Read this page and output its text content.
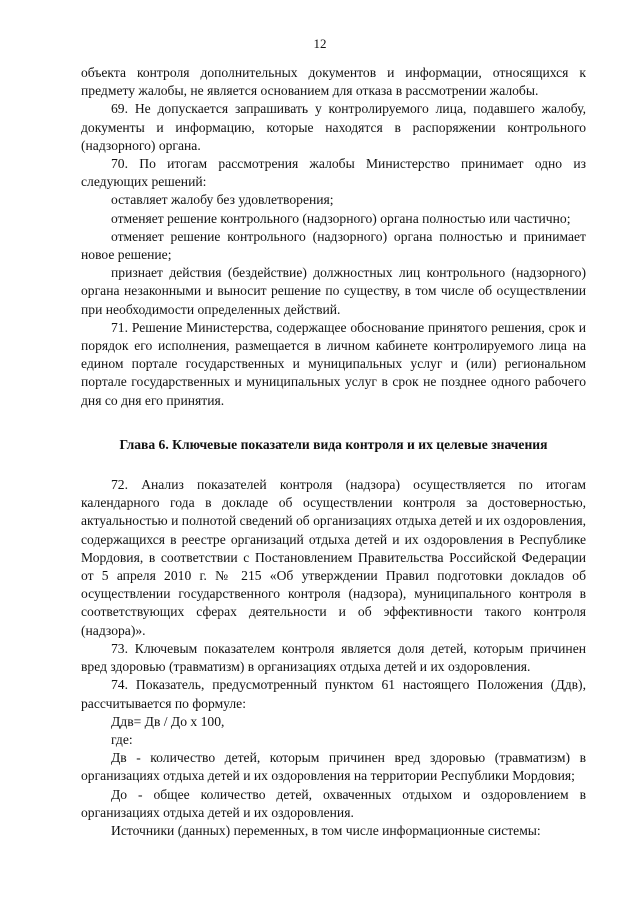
12

объекта контроля дополнительных документов и информации, относящихся к предмету жалобы, не является основанием для отказа в рассмотрении жалобы.

69. Не допускается запрашивать у контролируемого лица, подавшего жалобу, документы и информацию, которые находятся в распоряжении контрольного (надзорного) органа.

70. По итогам рассмотрения жалобы Министерство принимает одно из следующих решений:

оставляет жалобу без удовлетворения;

отменяет решение контрольного (надзорного) органа полностью или частично;

отменяет решение контрольного (надзорного) органа полностью и принимает новое решение;

признает действия (бездействие) должностных лиц контрольного (надзорного) органа незаконными и выносит решение по существу, в том числе об осуществлении при необходимости определенных действий.

71. Решение Министерства, содержащее обоснование принятого решения, срок и порядок его исполнения, размещается в личном кабинете контролируемого лица на едином портале государственных и муниципальных услуг и (или) региональном портале государственных и муниципальных услуг в срок не позднее одного рабочего дня со дня его принятия.

Глава 6. Ключевые показатели вида контроля и их целевые значения

72. Анализ показателей контроля (надзора) осуществляется по итогам календарного года в докладе об осуществлении контроля за достоверностью, актуальностью и полнотой сведений об организациях отдыха детей и их оздоровления, содержащихся в реестре организаций отдыха детей и их оздоровления в Республике Мордовия, в соответствии с Постановлением Правительства Российской Федерации от 5 апреля 2010 г. № 215 «Об утверждении Правил подготовки докладов об осуществлении государственного контроля (надзора), муниципального контроля в соответствующих сферах деятельности и об эффективности такого контроля (надзора)».

73. Ключевым показателем контроля является доля детей, которым причинен вред здоровью (травматизм) в организациях отдыха детей и их оздоровления.

74. Показатель, предусмотренный пунктом 61 настоящего Положения (Ддв), рассчитывается по формуле:

Ддв= Дв / До х 100,

где:

Дв - количество детей, которым причинен вред здоровью (травматизм) в организациях отдыха детей и их оздоровления на территории Республики Мордовия;

До - общее количество детей, охваченных отдыхом и оздоровлением в организациях отдыха детей и их оздоровления.

Источники (данных) переменных, в том числе информационные системы:
